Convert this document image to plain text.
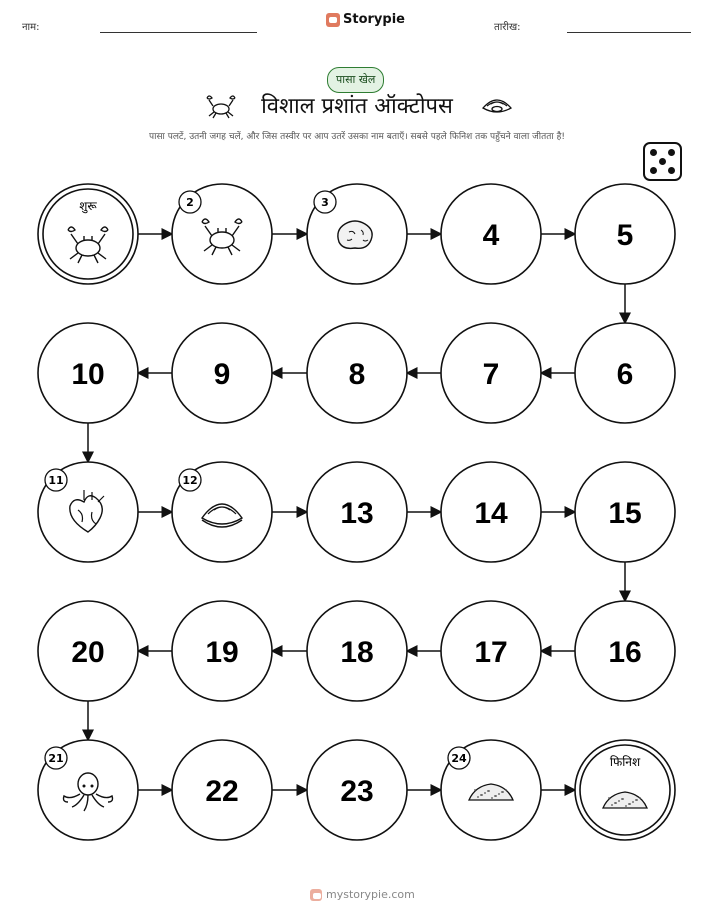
नाम:
Storypie
तारीख:
पासा खेल
विशाल प्रशांत ऑक्टोपस
पासा पलटें, उतनी जगह चलें, और जिस तस्वीर पर आप उतरें उसका नाम बताएँ। सबसे पहले फिनिश तक पहुँचने वाला जीतता है!
शुरू	2	3
4	5
6
7
8
9
10
11	12
13	14	15
16
17
18
19
20
21
22	23
24	फिनिश
mystorypie.com
